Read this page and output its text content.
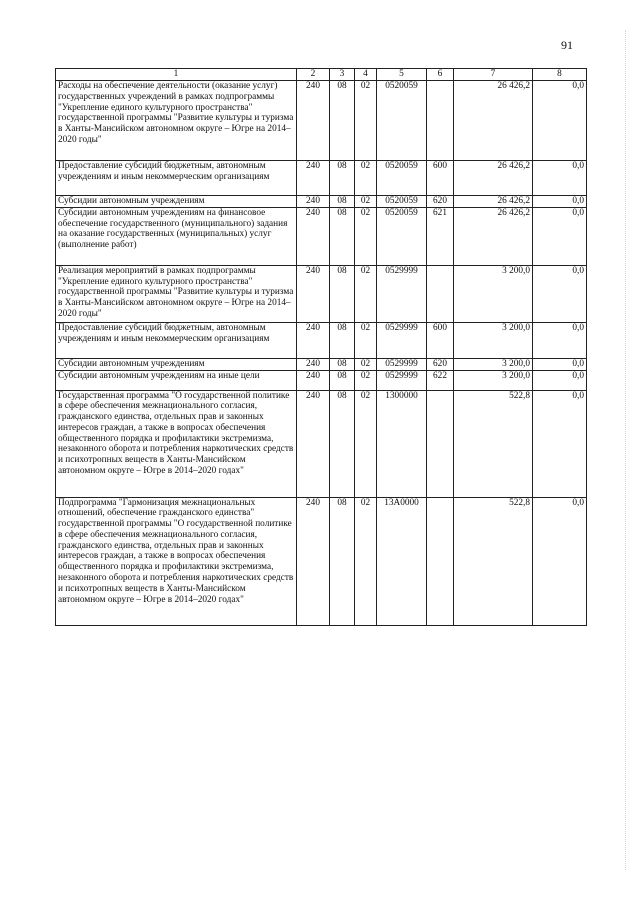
91
1	2	3	4	5	6	7	8
Расходы на обеспечение деятельности (оказание услуг) государственных учреждений в рамках подпрограммы "Укрепление единого культурного пространства" государственной программы "Развитие культуры и туризма в Ханты-Мансийском автономном округе – Югре на 2014–2020 годы"	240	08	02	0520059		26 426,2	0,0
Предоставление субсидий бюджетным, автономным учреждениям и иным некоммерческим организациям	240	08	02	0520059	600	26 426,2	0,0
Субсидии автономным учреждениям	240	08	02	0520059	620	26 426,2	0,0
Субсидии автономным учреждениям на финансовое обеспечение государственного (муниципального) задания на оказание государственных (муниципальных) услуг (выполнение работ)	240	08	02	0520059	621	26 426,2	0,0
Реализация мероприятий в рамках подпрограммы "Укрепление единого культурного пространства" государственной программы "Развитие культуры и туризма в Ханты-Мансийском автономном округе – Югре на 2014–2020 годы"	240	08	02	0529999		3 200,0	0,0
Предоставление субсидий бюджетным, автономным учреждениям и иным некоммерческим организациям	240	08	02	0529999	600	3 200,0	0,0
Субсидии автономным учреждениям	240	08	02	0529999	620	3 200,0	0,0
Субсидии автономным учреждениям на иные цели	240	08	02	0529999	622	3 200,0	0,0
Государственная программа "О государственной политике в сфере обеспечения межнационального согласия, гражданского единства, отдельных прав и законных интересов граждан, а также в вопросах обеспечения общественного порядка и профилактики экстремизма, незаконного оборота и потребления наркотических средств и психотропных веществ в Ханты-Мансийском автономном округе – Югре в 2014–2020 годах"	240	08	02	1300000		522,8	0,0
Подпрограмма "Гармонизация межнациональных отношений, обеспечение гражданского единства" государственной программы "О государственной политике в сфере обеспечения межнационального согласия, гражданского единства, отдельных прав и законных интересов граждан, а также в вопросах обеспечения общественного порядка и профилактики экстремизма, незаконного оборота и потребления наркотических средств и психотропных веществ в Ханты-Мансийском автономном округе – Югре в 2014–2020 годах"	240	08	02	13А0000		522,8	0,0
